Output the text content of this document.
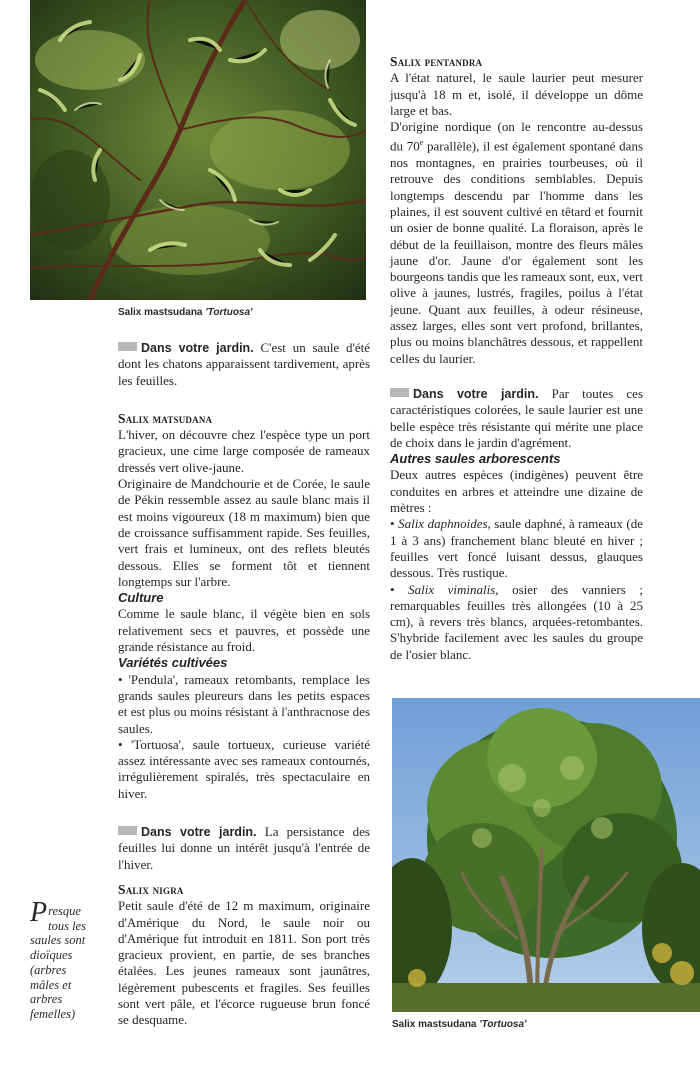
Salix mastsudana 'Tortuosa'

Dans votre jardin. C'est un saule d'été dont les chatons apparaissent tardivement, après les feuilles.

Salix matsudana

L'hiver, on découvre chez l'espèce type un port gracieux, une cime large composée de rameaux dressés vert olive-jaune.

Originaire de Mandchourie et de Corée, le saule de Pékin ressemble assez au saule blanc mais il est moins vigoureux (18 m maximum) bien que de croissance suffisamment rapide. Ses feuilles, vert frais et lumineux, ont des reflets bleutés dessous. Elles se forment tôt et tiennent longtemps sur l'arbre.

Culture

Comme le saule blanc, il végète bien en sols relativement secs et pauvres, et possède une grande résistance au froid.

Variétés cultivées

• 'Pendula', rameaux retombants, remplace les grands saules pleureurs dans les petits espaces et est plus ou moins résistant à l'anthracnose des saules.

• 'Tortuosa', saule tortueux, curieuse variété assez intéressante avec ses rameaux contournés, irrégulièrement spiralés, très spectaculaire en hiver.

Dans votre jardin. La persistance des feuilles lui donne un intérêt jusqu'à l'entrée de l'hiver.

Salix nigra

Petit saule d'été de 12 m maximum, originaire d'Amérique du Nord, le saule noir ou d'Amérique fut introduit en 1811. Son port très gracieux provient, en partie, de ses branches étalées. Les jeunes rameaux sont jaunâtres, légèrement pubescents et fragiles. Ses feuilles sont vert pâle, et l'écorce rugueuse brun foncé se desquame.

Presque tous les saules sont dioïques (arbres mâles et arbres femelles)
Salix pentandra

A l'état naturel, le saule laurier peut mesurer jusqu'à 18 m et, isolé, il développe un dôme large et bas.

D'origine nordique (on le rencontre au-dessus du 70e parallèle), il est également spontané dans nos montagnes, en prairies tourbeuses, où il retrouve des conditions semblables. Depuis longtemps descendu par l'homme dans les plaines, il est souvent cultivé en têtard et fournit un osier de bonne qualité. La floraison, après le début de la feuillaison, montre des fleurs mâles jaune d'or. Jaune d'or également sont les bourgeons tandis que les rameaux sont, eux, vert olive à jaunes, lustrés, fragiles, poilus à l'état jeune. Quant aux feuilles, à odeur résineuse, assez larges, elles sont vert profond, brillantes, plus ou moins blanchâtres dessous, et rappellent celles du laurier.

Dans votre jardin. Par toutes ces caractéristiques colorées, le saule laurier est une belle espèce très résistante qui mérite une place de choix dans le jardin d'agrément.

Autres saules arborescents

Deux autres espèces (indigènes) peuvent être conduites en arbres et atteindre une dizaine de mètres :

• Salix daphnoides, saule daphné, à rameaux (de 1 à 3 ans) franchement blanc bleuté en hiver ; feuilles vert foncé luisant dessus, glauques dessous. Très rustique.

• Salix viminalis, osier des vanniers ; remarquables feuilles très allongées (10 à 25 cm), à revers très blancs, arquées-retombantes. S'hybride facilement avec les saules du groupe de l'osier blanc.

Salix mastsudana 'Tortuosa'
